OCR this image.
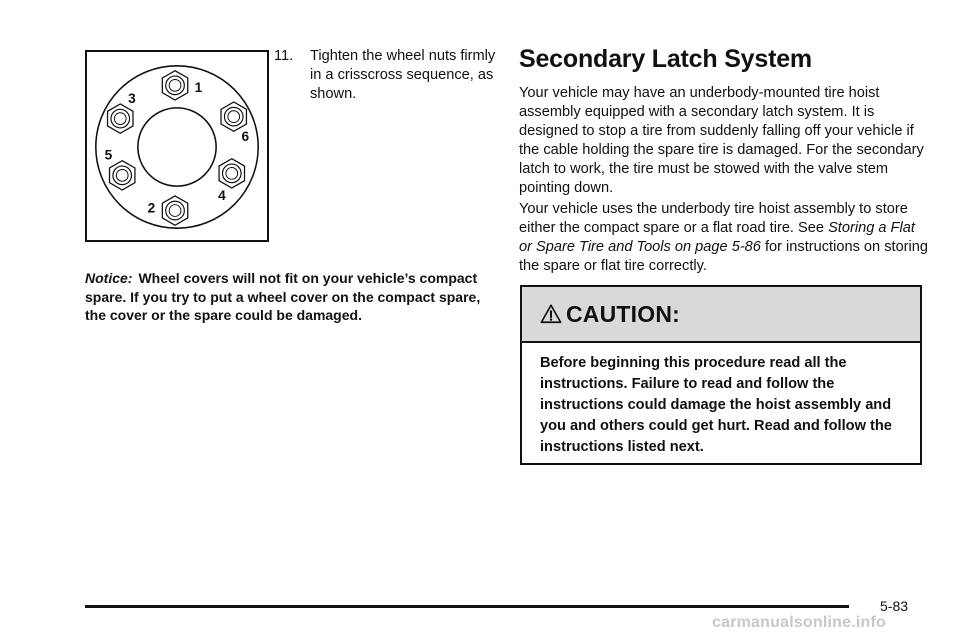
1
3
6
5
4
2
11. Tighten the wheel nuts firmly in a crisscross sequence, as shown.
Notice: Wheel covers will not fit on your vehicle’s compact spare. If you try to put a wheel cover on the compact spare, the cover or the spare could be damaged.
Secondary Latch System

Your vehicle may have an underbody-mounted tire hoist assembly equipped with a secondary latch system. It is designed to stop a tire from suddenly falling off your vehicle if the cable holding the spare tire is damaged. For the secondary latch to work, the tire must be stowed with the valve stem pointing down.

Your vehicle uses the underbody tire hoist assembly to store either the compact spare or a flat road tire. See Storing a Flat or Spare Tire and Tools on page 5-86 for instructions on storing the spare or flat tire correctly.

CAUTION:
Before beginning this procedure read all the instructions. Failure to read and follow the instructions could damage the hoist assembly and you and others could get hurt. Read and follow the instructions listed next.
5-83
carmanualsonline.info
